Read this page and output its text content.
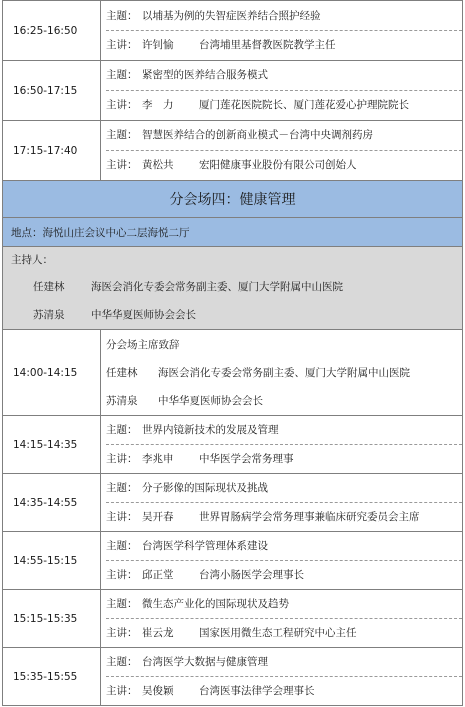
16:25-16:50	主题： 以埔基为例的失智症医养结合照护经验
主讲： 许钊愉 台湾埔里基督教医院教学主任

16:50-17:15	主题： 紧密型的医养结合服务模式
主讲： 李　力 厦门莲花医院院长、厦门莲花爱心护理院院长

17:15-17:40	主题： 智慧医养结合的创新商业模式－台湾中央调剂药房
主讲： 黄松共 宏阳健康事业股份有限公司创始人

分会场四：健康管理	
地点：海悦山庄会议中心二层海悦二厅	

主持人：
任建林 海医会消化专委会常务副主委、厦门大学附属中山医院
苏清泉 中华华夏医师协会会长	

14:00-14:15	分会场主席致辞
任建林 海医会消化专委会常务副主委、厦门大学附属中山医院
苏清泉 中华华夏医师协会会长

14:15-14:35	主题： 世界内镜新技术的发展及管理
主讲： 李兆申 中华医学会常务理事

14:35-14:55	主题： 分子影像的国际现状及挑战
主讲： 吴开春 世界胃肠病学会常务理事兼临床研究委员会主席

14:55-15:15	主题： 台湾医学科学管理体系建设
主讲： 邱正堂 台湾小肠医学会理事长

15:15-15:35	主题： 微生态产业化的国际现状及趋势
主讲： 崔云龙 国家医用微生态工程研究中心主任

15:35-15:55	主题： 台湾医学大数据与健康管理
主讲： 吴俊颖 台湾医事法律学会理事长
